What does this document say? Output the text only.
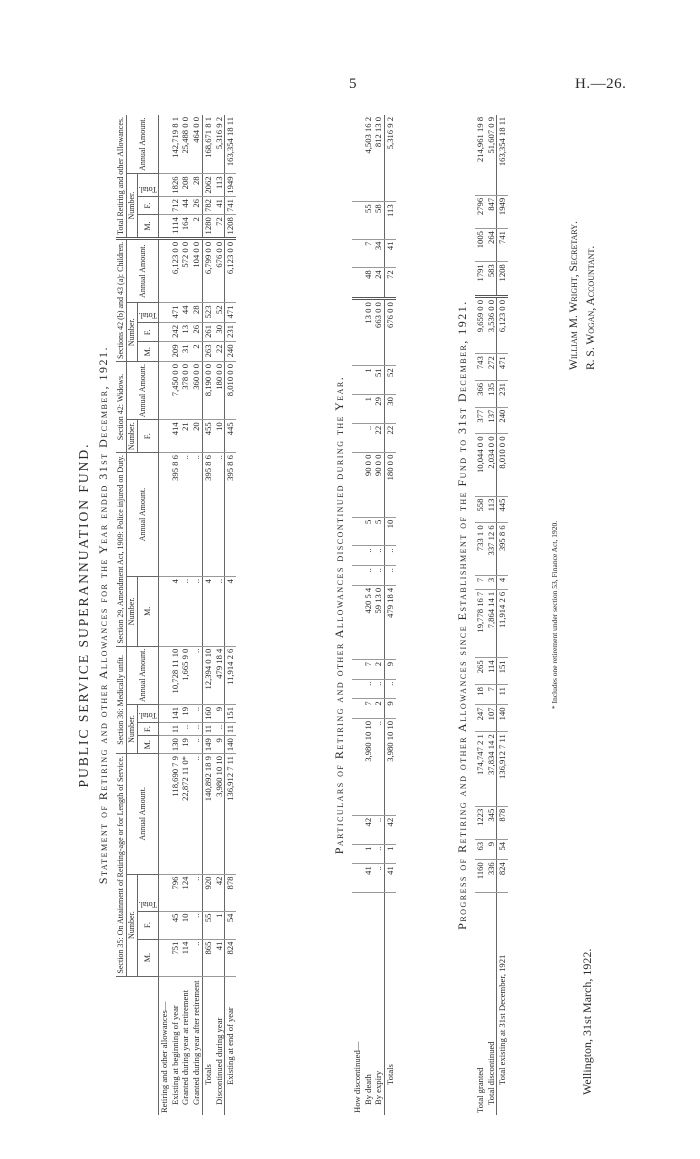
5	H.—26.
PUBLIC SERVICE SUPERANNUATION FUND. Statement of Retiring and other Allowances for the Year ended 31st December, 1921.
	Section 35: On Attainment of Retiring-age or for Length of Service.				Section 36: Medically unfit.				Section 29, Amendment Act, 1909: Police injured on Duty.		Section 42: Widows.		Sections 42 (b) and 43 (a): Children.				Total Retiring and other Allowances.			
	Number.			Annual Amount.	Number.			Annual Amount.	Number.	Annual Amount.	Number.	Annual Amount.	Number.			Annual Amount.	Number.			Annual Amount.
	M.	F.	Total.		M.	F.	Total.		M.		F.		M.	F.	Total.		M.	F.	Total.	

Retiring and other allowances—																				
Existing at beginning of year	751	45	796	118,690 7 9	130	11	141	10,728 11 10	4	395 8 6	414	7,450 0 0	209	242	471	6,123 0 0	1114	712	1826	142,719 8 1
Granted during year at retirement	114	10	124	22,872 11 0*	19	..	19	1,665 9 0	..	..	21	378 0 0	31	13	44	572 0 0	164	44	208	25,488 0 0
Granted during year after retirement	..	..	..	..	..	..	..	..	..	..	20	360 0 0	2	26	28	104 0 0	2	26	28	464 0 0
Totals	865	55	920	140,892 18 9	149	11	160	12,394 0 10	4	395 8 6	455	8,190 0 0	263	261	523	6,799 0 0	1280	782	2062	168,671 8 1
Discontinued during year	41	1	42	3,980 10 10	9	..	9	479 18 4	..	..	10	180 0 0	22	30	52	676 0 0	72	41	113	5,316 9 2
Existing at end of year	824	54	878	136,912 7 11	140	11	151	11,914 2 6	4	395 8 6	445	8,010 0 0	240	231	471	6,123 0 0	1208	741	1949	163,354 18 11
Particulars of Retiring and other Allowances discontinued during the Year.
How discontinued—																				
By death	41	1	42	3,980 10 10	7	..	7	420 5 4	..	..	5	90 0 0	..	1	1	13 0 0	48	7	55	4,503 16 2
By expiry	..	..	..	..	2	..	2	59 13 0	..	..	5	90 0 0	22	29	51	663 0 0	24	34	58	812 13 0
Totals	41	1	42	3,980 10 10	9	..	9	479 18 4	..	..	10	180 0 0	22	30	52	676 0 0	72	41	113	5,316 9 2
Progress of Retiring and other Allowances since Establishment of the Fund to 31st December, 1921.
Total granted	1160	63	1223	174,747 2 1	247	18	265	19,778 16 7	7	733 1 0	558	10,044 0 0	377	366	743	9,659 0 0	1791	1005	2796	214,961 19 8
Total discontinued	336	9	345	37,834 14 2	107	7	114	7,864 14 1	3	337 12 6	113	2,034 0 0	137	135	272	3,536 0 0	583	264	847	51,607 0 9
Total existing at 31st December, 1921	824	54	878	136,912 7 11	140	11	151	11,914 2 6	4	395 8 6	445	8,010 0 0	240	231	471	6,123 0 0	1208	741	1949	163,354 18 11
* Includes one retirement under section 53, Finance Act, 1920.
Wellington, 31st March, 1922.
William M. Wright, Secretary. R. S. Wogan, Accountant.
